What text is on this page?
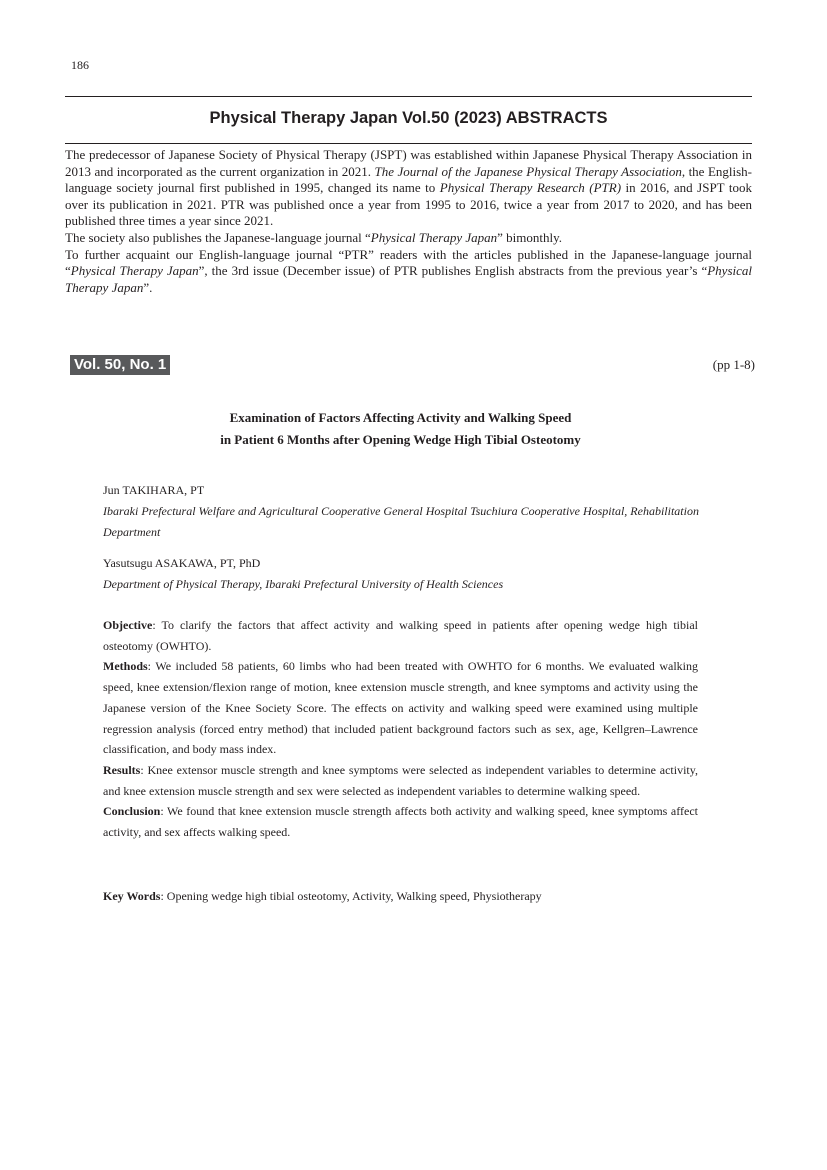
186
Physical Therapy Japan Vol.50 (2023) ABSTRACTS

The predecessor of Japanese Society of Physical Therapy (JSPT) was established within Japanese Physical Therapy Association in 2013 and incorporated as the current organization in 2021. The Journal of the Japanese Physical Therapy Association, the English-language society journal first published in 1995, changed its name to Physical Therapy Research (PTR) in 2016, and JSPT took over its publication in 2021. PTR was published once a year from 1995 to 2016, twice a year from 2017 to 2020, and has been published three times a year since 2021.

The society also publishes the Japanese-language journal “Physical Therapy Japan” bimonthly.

To further acquaint our English-language journal “PTR” readers with the articles published in the Japanese-language journal “Physical Therapy Japan”, the 3rd issue (December issue) of PTR publishes English abstracts from the previous year’s “Physical Therapy Japan”.

Vol. 50, No. 1	(pp 1-8)
Examination of Factors Affecting Activity and Walking Speed
in Patient 6 Months after Opening Wedge High Tibial Osteotomy
Jun TAKIHARA, PT
Ibaraki Prefectural Welfare and Agricultural Cooperative General Hospital Tsuchiura Cooperative Hospital, Rehabilitation Department
Yasutsugu ASAKAWA, PT, PhD
Department of Physical Therapy, Ibaraki Prefectural University of Health Sciences

Objective: To clarify the factors that affect activity and walking speed in patients after opening wedge high tibial osteotomy (OWHTO).

Methods: We included 58 patients, 60 limbs who had been treated with OWHTO for 6 months. We evaluated walking speed, knee extension/flexion range of motion, knee extension muscle strength, and knee symptoms and activity using the Japanese version of the Knee Society Score. The effects on activity and walking speed were examined using multiple regression analysis (forced entry method) that included patient background factors such as sex, age, Kellgren–Lawrence classification, and body mass index.

Results: Knee extensor muscle strength and knee symptoms were selected as independent variables to determine activity, and knee extension muscle strength and sex were selected as independent variables to determine walking speed.

Conclusion: We found that knee extension muscle strength affects both activity and walking speed, knee symptoms affect activity, and sex affects walking speed.

Key Words: Opening wedge high tibial osteotomy, Activity, Walking speed, Physiotherapy
